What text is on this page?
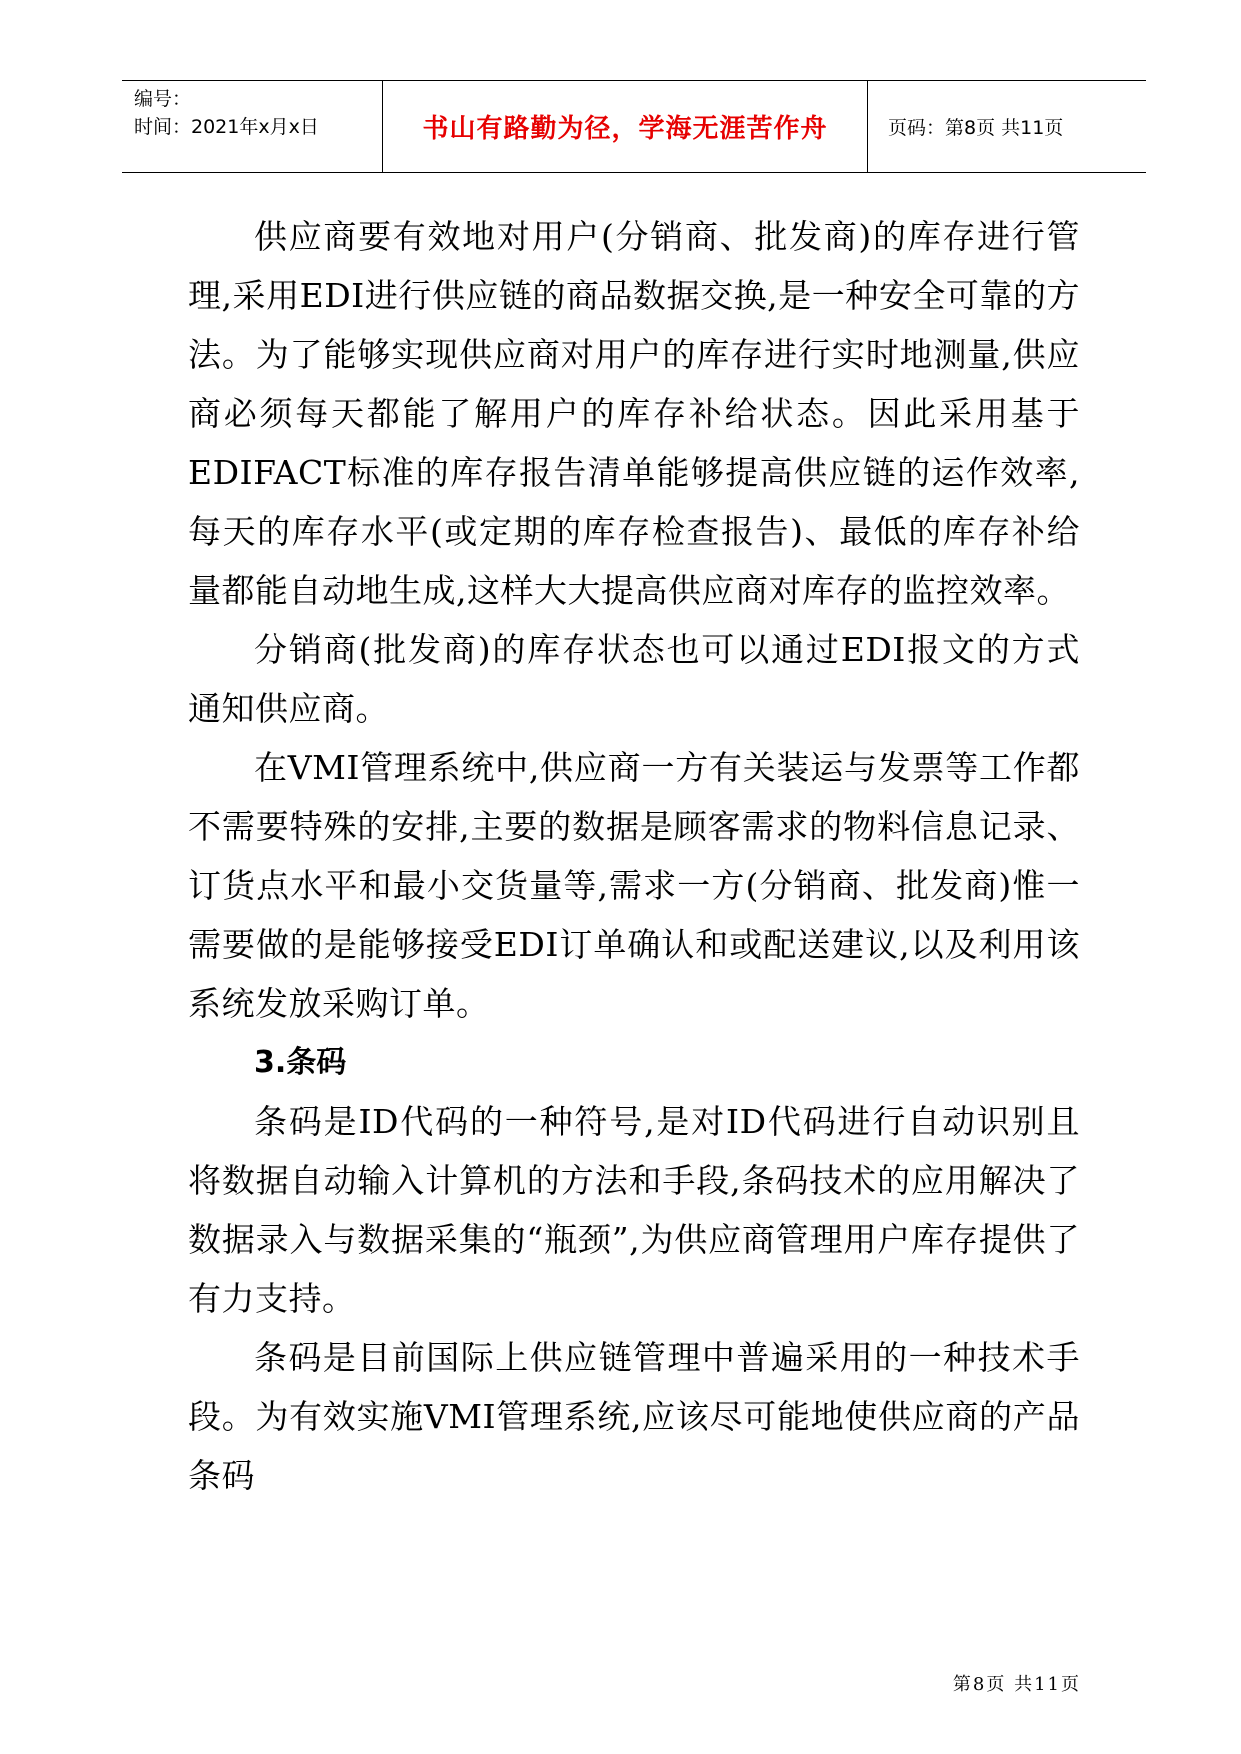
编号：
时间：2021年x月x日	书山有路勤为径，学海无涯苦作舟	页码：第8页 共11页

供应商要有效地对用户(分销商、批发商)的库存进行管理,采用EDI进行供应链的商品数据交换,是一种安全可靠的方法。为了能够实现供应商对用户的库存进行实时地测量,供应商必须每天都能了解用户的库存补给状态。因此采用基于EDIFACT标准的库存报告清单能够提高供应链的运作效率,每天的库存水平(或定期的库存检查报告)、最低的库存补给量都能自动地生成,这样大大提高供应商对库存的监控效率。

分销商(批发商)的库存状态也可以通过EDI报文的方式通知供应商。

在VMI管理系统中,供应商一方有关装运与发票等工作都不需要特殊的安排,主要的数据是顾客需求的物料信息记录、订货点水平和最小交货量等,需求一方(分销商、批发商)惟一需要做的是能够接受EDI订单确认和或配送建议,以及利用该系统发放采购订单。

3.条码

条码是ID代码的一种符号,是对ID代码进行自动识别且将数据自动输入计算机的方法和手段,条码技术的应用解决了数据录入与数据采集的“瓶颈”,为供应商管理用户库存提供了有力支持。

条码是目前国际上供应链管理中普遍采用的一种技术手段。为有效实施VMI管理系统,应该尽可能地使供应商的产品条码

第8页 共11页
